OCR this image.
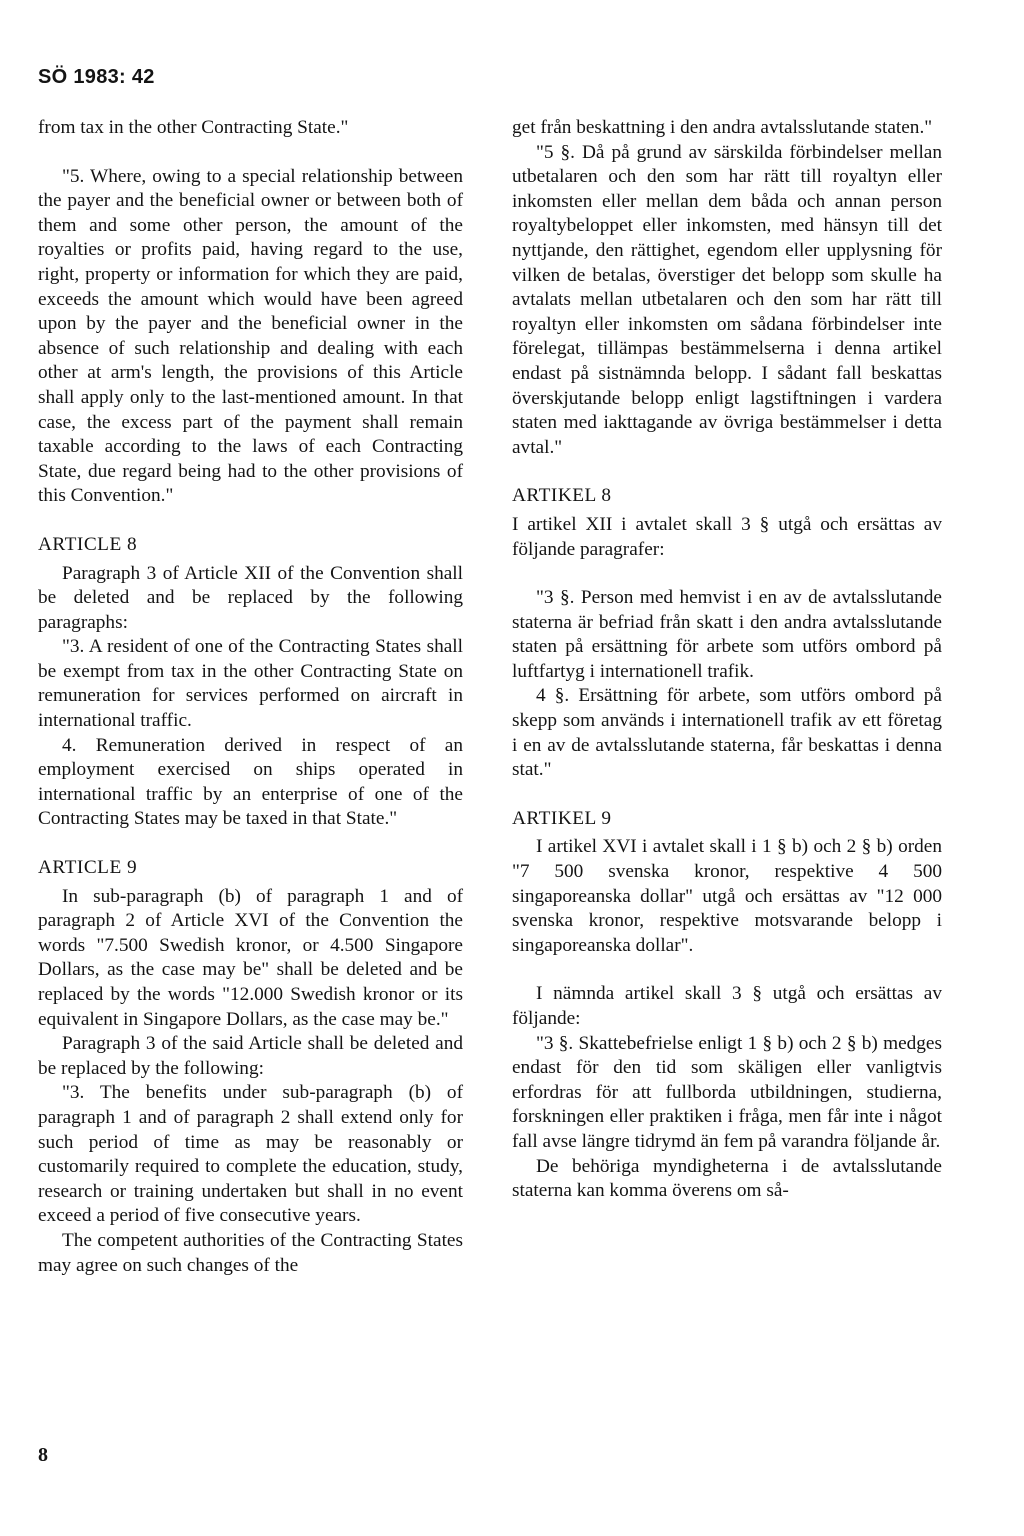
SÖ 1983: 42

from tax in the other Contracting State."

"5. Where, owing to a special relationship between the payer and the beneficial owner or between both of them and some other person, the amount of the royalties or profits paid, having regard to the use, right, property or information for which they are paid, exceeds the amount which would have been agreed upon by the payer and the beneficial owner in the absence of such relationship and dealing with each other at arm's length, the provisions of this Article shall apply only to the last-mentioned amount. In that case, the excess part of the payment shall remain taxable according to the laws of each Contracting State, due regard being had to the other provisions of this Convention."

ARTICLE 8

Paragraph 3 of Article XII of the Convention shall be deleted and be replaced by the following paragraphs:

"3. A resident of one of the Contracting States shall be exempt from tax in the other Contracting State on remuneration for services performed on aircraft in international traffic.

4. Remuneration derived in respect of an employment exercised on ships operated in international traffic by an enterprise of one of the Contracting States may be taxed in that State."

ARTICLE 9

In sub-paragraph (b) of paragraph 1 and of paragraph 2 of Article XVI of the Convention the words "7.500 Swedish kronor, or 4.500 Singapore Dollars, as the case may be" shall be deleted and be replaced by the words "12.000 Swedish kronor or its equivalent in Singapore Dollars, as the case may be."

Paragraph 3 of the said Article shall be deleted and be replaced by the following:

"3. The benefits under sub-paragraph (b) of paragraph 1 and of paragraph 2 shall extend only for such period of time as may be reasonably or customarily required to complete the education, study, research or training undertaken but shall in no event exceed a period of five consecutive years.

The competent authorities of the Contracting States may agree on such changes of the

get från beskattning i den andra avtalsslutande staten."

"5 §. Då på grund av särskilda förbindelser mellan utbetalaren och den som har rätt till royaltyn eller inkomsten eller mellan dem båda och annan person royaltybeloppet eller inkomsten, med hänsyn till det nyttjande, den rättighet, egendom eller upplysning för vilken de betalas, överstiger det belopp som skulle ha avtalats mellan utbetalaren och den som har rätt till royaltyn eller inkomsten om sådana förbindelser inte förelegat, tillämpas bestämmelserna i denna artikel endast på sistnämnda belopp. I sådant fall beskattas överskjutande belopp enligt lagstiftningen i vardera staten med iakttagande av övriga bestämmelser i detta avtal."

ARTIKEL 8

I artikel XII i avtalet skall 3 § utgå och ersättas av följande paragrafer:

"3 §. Person med hemvist i en av de avtalsslutande staterna är befriad från skatt i den andra avtalsslutande staten på ersättning för arbete som utförs ombord på luftfartyg i internationell trafik.

4 §. Ersättning för arbete, som utförs ombord på skepp som används i internationell trafik av ett företag i en av de avtalsslutande staterna, får beskattas i denna stat."

ARTIKEL 9

I artikel XVI i avtalet skall i 1 § b) och 2 § b) orden "7 500 svenska kronor, respektive 4 500 singaporeanska dollar" utgå och ersättas av "12 000 svenska kronor, respektive motsvarande belopp i singaporeanska dollar".

I nämnda artikel skall 3 § utgå och ersättas av följande:

"3 §. Skattebefrielse enligt 1 § b) och 2 § b) medges endast för den tid som skäligen eller vanligtvis erfordras för att fullborda utbildningen, studierna, forskningen eller praktiken i fråga, men får inte i något fall avse längre tidrymd än fem på varandra följande år.

De behöriga myndigheterna i de avtalsslutande staterna kan komma överens om så-

8
